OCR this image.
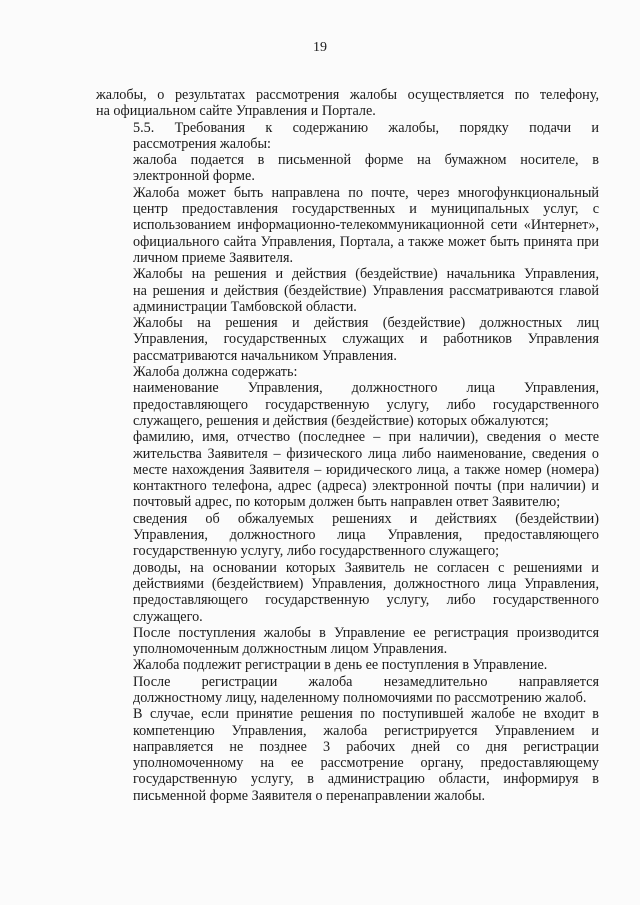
19

жалобы, о результатах рассмотрения жалобы осуществляется по телефону,
на официальном сайте Управления и Портале.

5.5. Требования к содержанию жалобы, порядку подачи и
рассмотрения жалобы:

жалоба подается в письменной форме на бумажном носителе, в
электронной форме.

Жалоба может быть направлена по почте, через многофункциональный
центр предоставления государственных и муниципальных услуг, с
использованием информационно-телекоммуникационной сети «Интернет»,
официального сайта Управления, Портала, а также может быть принята при
личном приеме Заявителя.

Жалобы на решения и действия (бездействие) начальника Управления,
на решения и действия (бездействие) Управления рассматриваются главой
администрации Тамбовской области.

Жалобы на решения и действия (бездействие) должностных лиц
Управления, государственных служащих и работников Управления
рассматриваются начальником Управления.

Жалоба должна содержать:

наименование Управления, должностного лица Управления,
предоставляющего государственную услугу, либо государственного
служащего, решения и действия (бездействие) которых обжалуются;

фамилию, имя, отчество (последнее – при наличии), сведения о месте
жительства Заявителя – физического лица либо наименование, сведения о
месте нахождения Заявителя – юридического лица, а также номер (номера)
контактного телефона, адрес (адреса) электронной почты (при наличии) и
почтовый адрес, по которым должен быть направлен ответ Заявителю;

сведения об обжалуемых решениях и действиях (бездействии)
Управления, должностного лица Управления, предоставляющего
государственную услугу, либо государственного служащего;

доводы, на основании которых Заявитель не согласен с решениями и
действиями (бездействием) Управления, должностного лица Управления,
предоставляющего государственную услугу, либо государственного
служащего.

После поступления жалобы в Управление ее регистрация производится
уполномоченным должностным лицом Управления.

Жалоба подлежит регистрации в день ее поступления в Управление.

После регистрации жалоба незамедлительно направляется
должностному лицу, наделенному полномочиями по рассмотрению жалоб.

В случае, если принятие решения по поступившей жалобе не входит в
компетенцию Управления, жалоба регистрируется Управлением и
направляется не позднее 3 рабочих дней со дня регистрации
уполномоченному на ее рассмотрение органу, предоставляющему
государственную услугу, в администрацию области, информируя в
письменной форме Заявителя о перенаправлении жалобы.
